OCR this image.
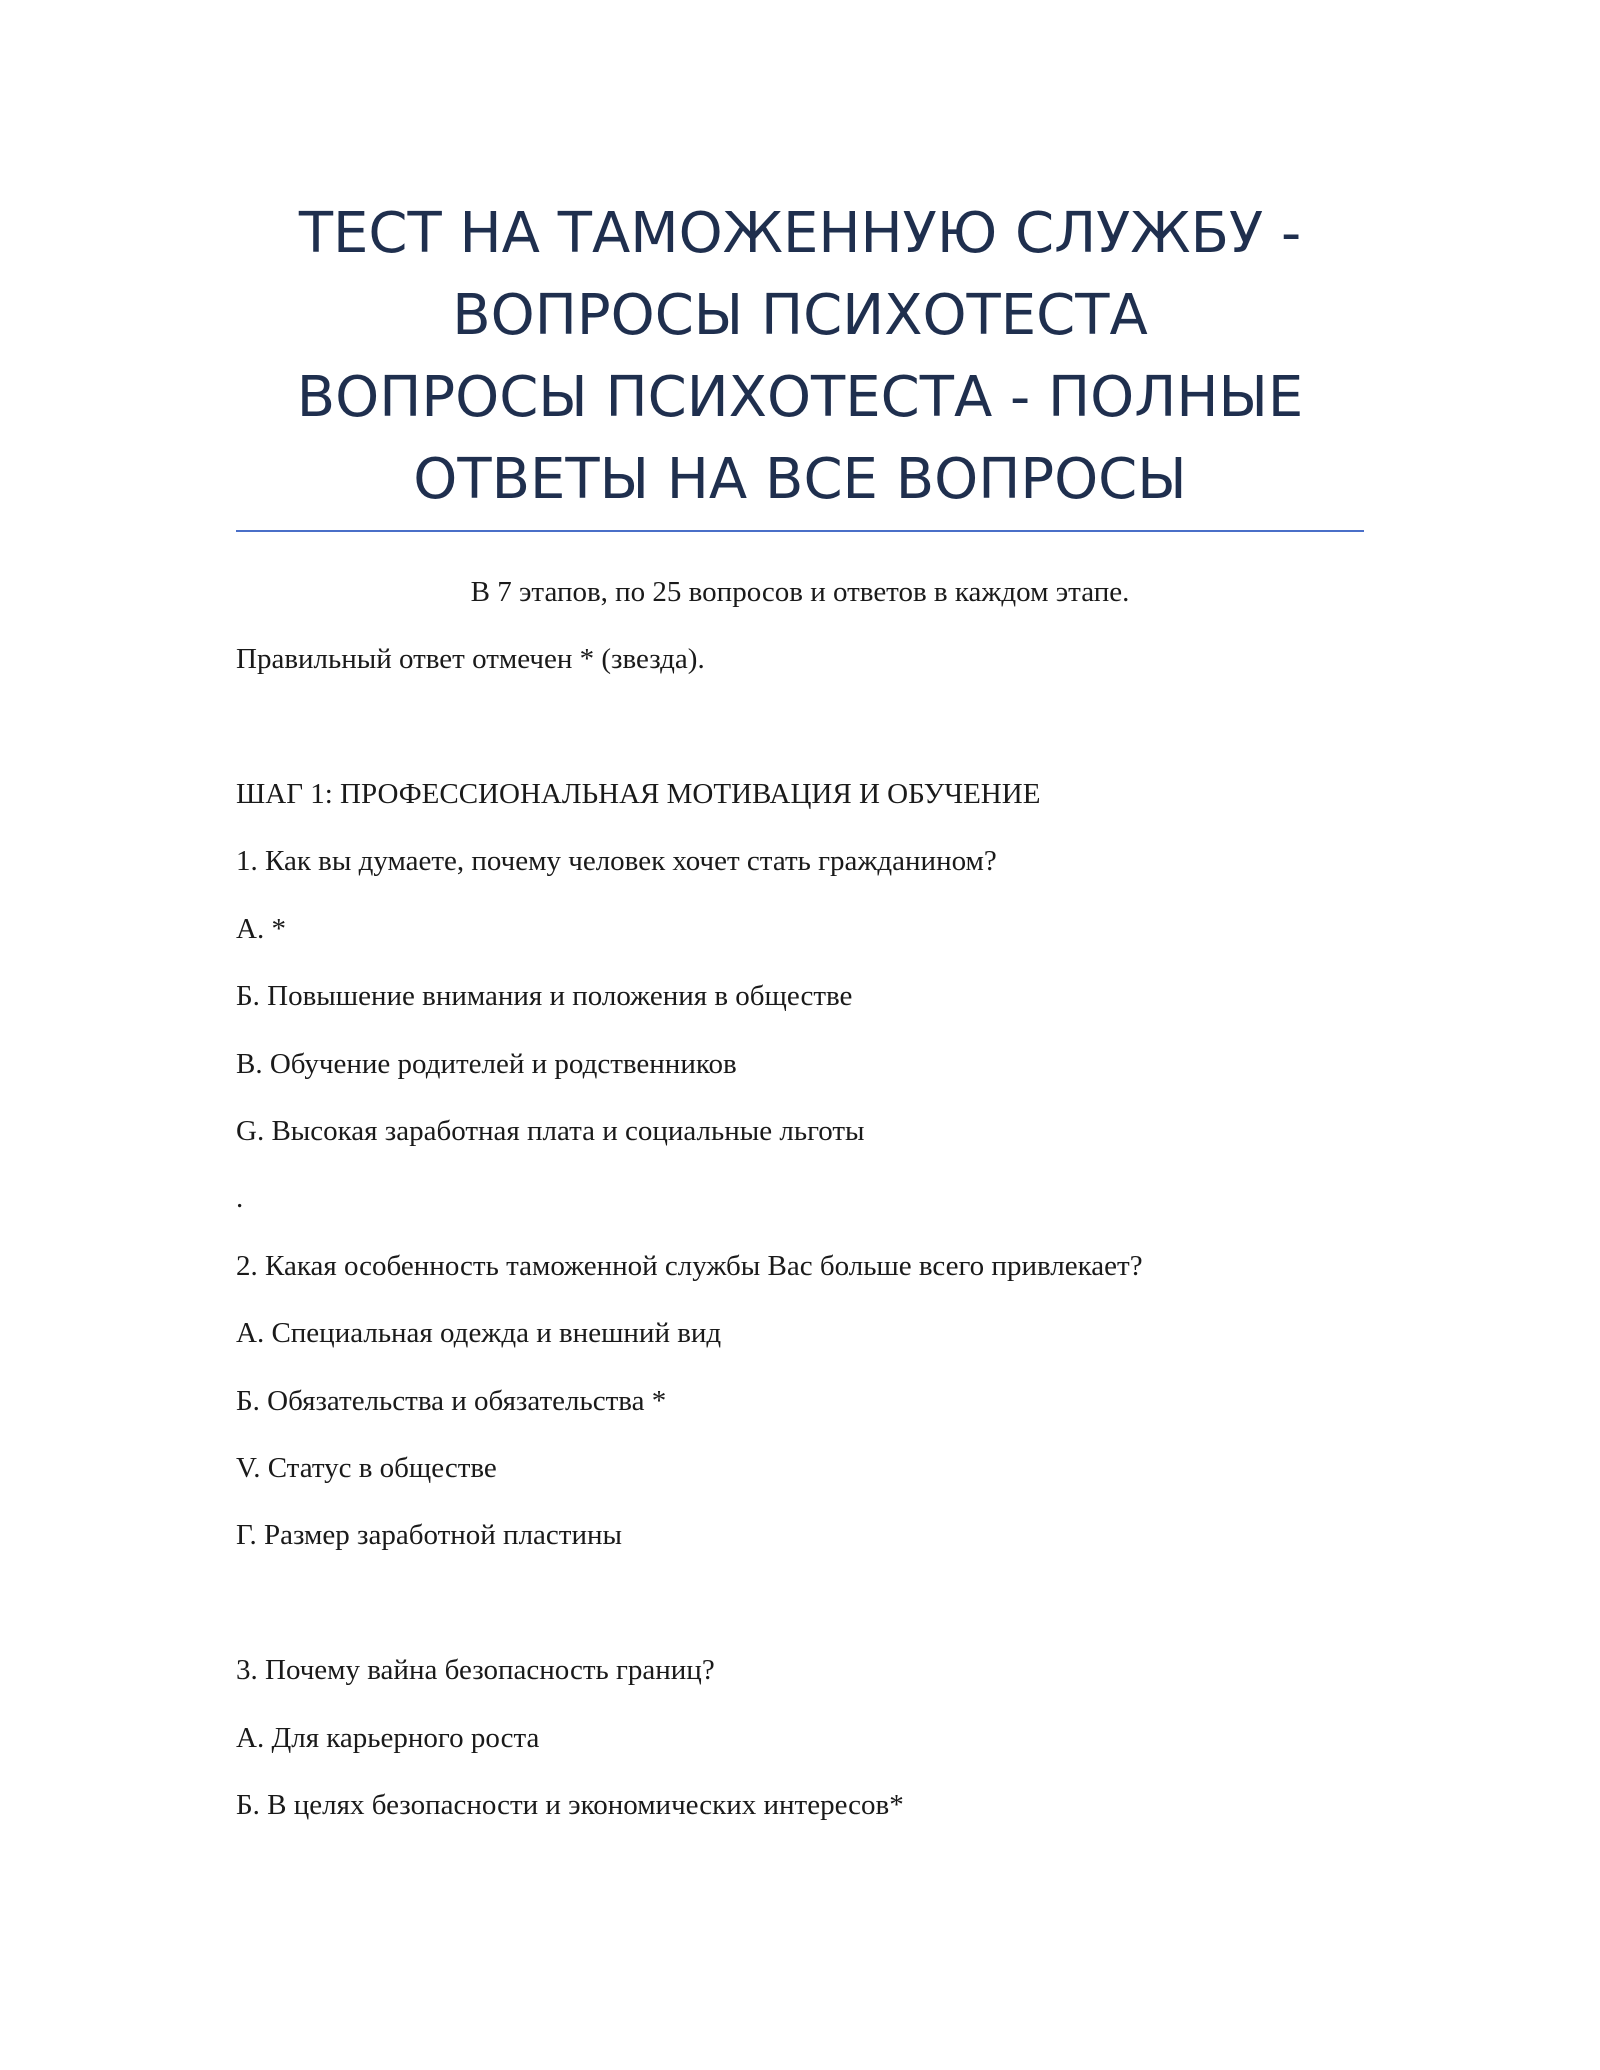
ТЕСТ НА ТАМОЖЕННУЮ СЛУЖБУ -
ВОПРОСЫ ПСИХОТЕСТА
ВОПРОСЫ ПСИХОТЕСТА - ПОЛНЫЕ
ОТВЕТЫ НА ВСЕ ВОПРОСЫ
В 7 этапов, по 25 вопросов и ответов в каждом этапе.
Правильный ответ отмечен * (звезда).
ШАГ 1: ПРОФЕССИОНАЛЬНАЯ МОТИВАЦИЯ И ОБУЧЕНИЕ
1. Как вы думаете, почему человек хочет стать гражданином?
А. *
Б. Повышение внимания и положения в обществе
В. Обучение родителей и родственников
G. Высокая заработная плата и социальные льготы
.
2. Какая особенность таможенной службы Вас больше всего привлекает?
А. Специальная одежда и внешний вид
Б. Обязательства и обязательства *
V. Статус в обществе
Г. Размер заработной пластины
3. Почему вайна безопасность границ?
А. Для карьерного роста
Б. В целях безопасности и экономических интересов*
